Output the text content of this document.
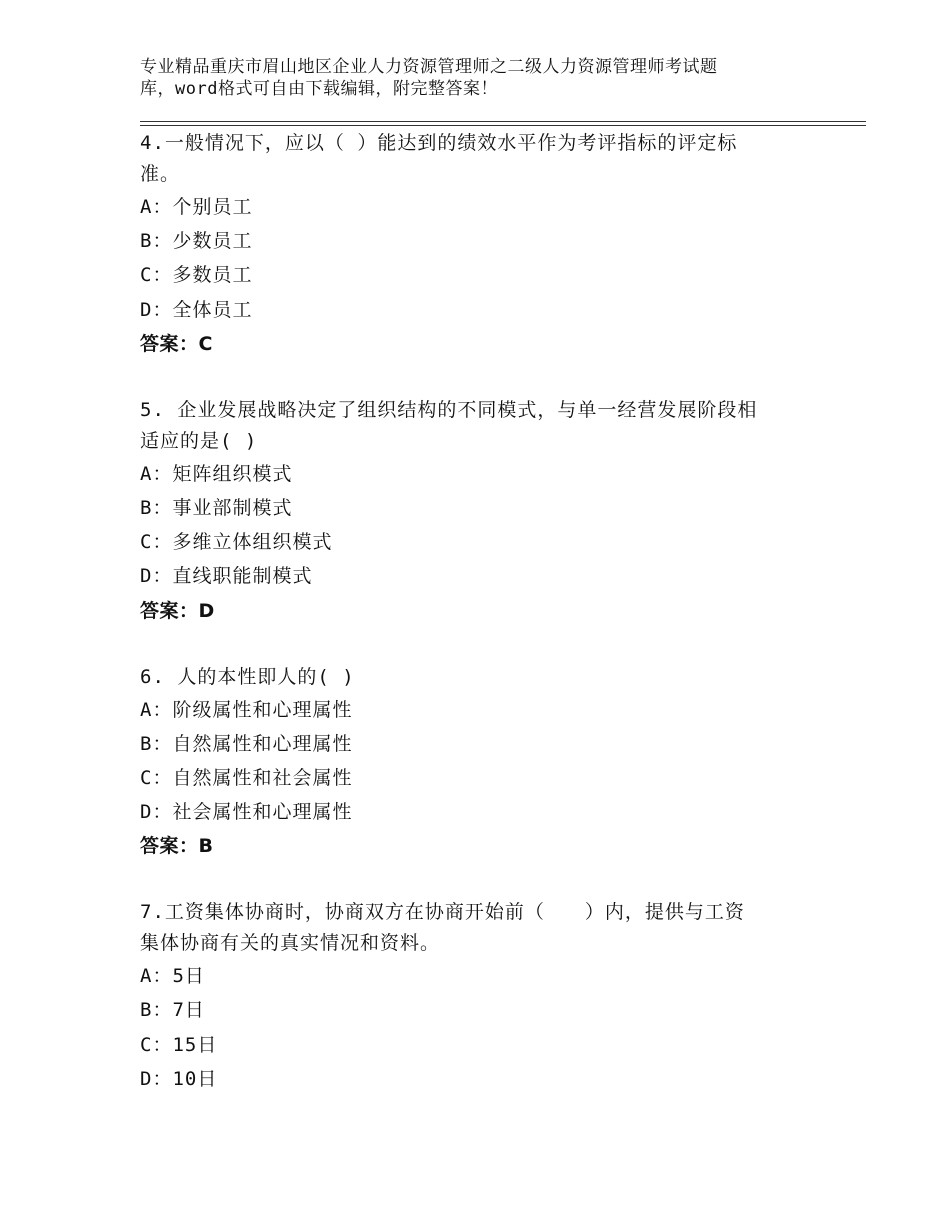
专业精品重庆市眉山地区企业人力资源管理师之二级人力资源管理师考试题
库，word格式可自由下载编辑，附完整答案！
4.一般情况下，应以（ ）能达到的绩效水平作为考评指标的评定标
准。
A：个别员工
B：少数员工
C：多数员工
D：全体员工
答案：C
5. 企业发展战略决定了组织结构的不同模式，与单一经营发展阶段相
适应的是( )
A：矩阵组织模式
B：事业部制模式
C：多维立体组织模式
D：直线职能制模式
答案：D
6. 人的本性即人的( )
A：阶级属性和心理属性
B：自然属性和心理属性
C：自然属性和社会属性
D：社会属性和心理属性
答案：B
7.工资集体协商时，协商双方在协商开始前（　　）内，提供与工资
集体协商有关的真实情况和资料。
A：5日
B：7日
C：15日
D：10日
